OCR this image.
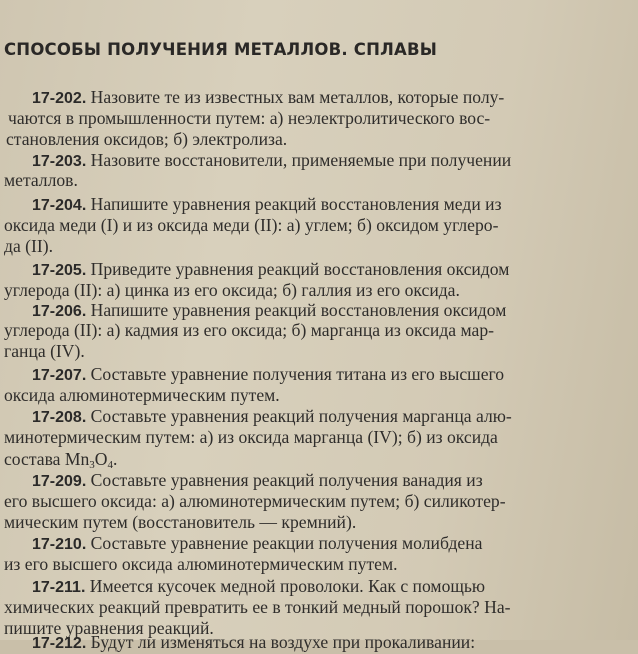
СПОСОБЫ ПОЛУЧЕНИЯ МЕТАЛЛОВ. СПЛАВЫ
17-202. Назовите те из известных вам металлов, которые полу-
чаются в промышленности путем: а) неэлектролитического вос-
становления оксидов; б) электролиза.
17-203. Назовите восстановители, применяемые при получении
металлов.
17-204. Напишите уравнения реакций восстановления меди из
оксида меди (I) и из оксида меди (II): а) углем; б) оксидом углеро-
да (II).
17-205. Приведите уравнения реакций восстановления оксидом
углерода (II): а) цинка из его оксида; б) галлия из его оксида.
17-206. Напишите уравнения реакций восстановления оксидом
углерода (II): а) кадмия из его оксида; б) марганца из оксида мар-
ганца (IV).
17-207. Составьте уравнение получения титана из его высшего
оксида алюминотермическим путем.
17-208. Составьте уравнения реакций получения марганца алю-
минотермическим путем: а) из оксида марганца (IV); б) из оксида
состава $Mn_3O_4$.
17-209. Составьте уравнения реакций получения ванадия из
его высшего оксида: а) алюминотермическим путем; б) силикотер-
мическим путем (восстановитель — кремний).
17-210. Составьте уравнение реакции получения молибдена
из его высшего оксида алюминотермическим путем.
17-211. Имеется кусочек медной проволоки. Как с помощью
химических реакций превратить ее в тонкий медный порошок? На-
пишите уравнения реакций.
17-212. Будут ли изменяться на воздухе при прокаливании:
